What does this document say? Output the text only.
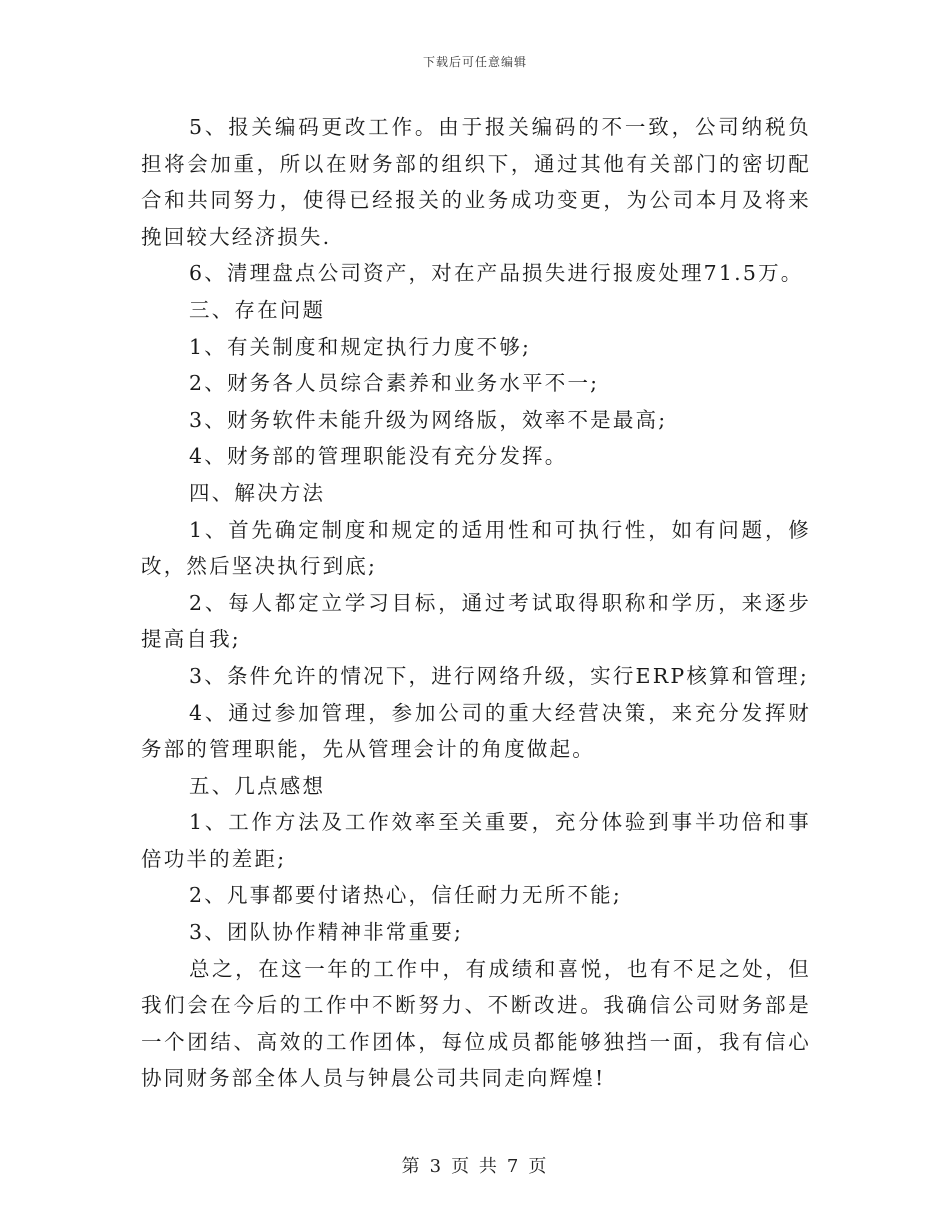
下载后可任意编辑

5、报关编码更改工作。由于报关编码的不一致，公司纳税负担将会加重，所以在财务部的组织下，通过其他有关部门的密切配合和共同努力，使得已经报关的业务成功变更，为公司本月及将来挽回较大经济损失.

6、清理盘点公司资产，对在产品损失进行报废处理71.5万。

三、存在问题

1、有关制度和规定执行力度不够;

2、财务各人员综合素养和业务水平不一;

3、财务软件未能升级为网络版，效率不是最高;

4、财务部的管理职能没有充分发挥。

四、解决方法

1、首先确定制度和规定的适用性和可执行性，如有问题，修改，然后坚决执行到底;

2、每人都定立学习目标，通过考试取得职称和学历，来逐步提高自我;

3、条件允许的情况下，进行网络升级，实行ERP核算和管理;

4、通过参加管理，参加公司的重大经营决策，来充分发挥财务部的管理职能，先从管理会计的角度做起。

五、几点感想

1、工作方法及工作效率至关重要，充分体验到事半功倍和事倍功半的差距;

2、凡事都要付诸热心，信任耐力无所不能;

3、团队协作精神非常重要;

总之，在这一年的工作中，有成绩和喜悦，也有不足之处，但我们会在今后的工作中不断努力、不断改进。我确信公司财务部是一个团结、高效的工作团体，每位成员都能够独挡一面，我有信心协同财务部全体人员与钟晨公司共同走向辉煌!

第 3 页 共 7 页
